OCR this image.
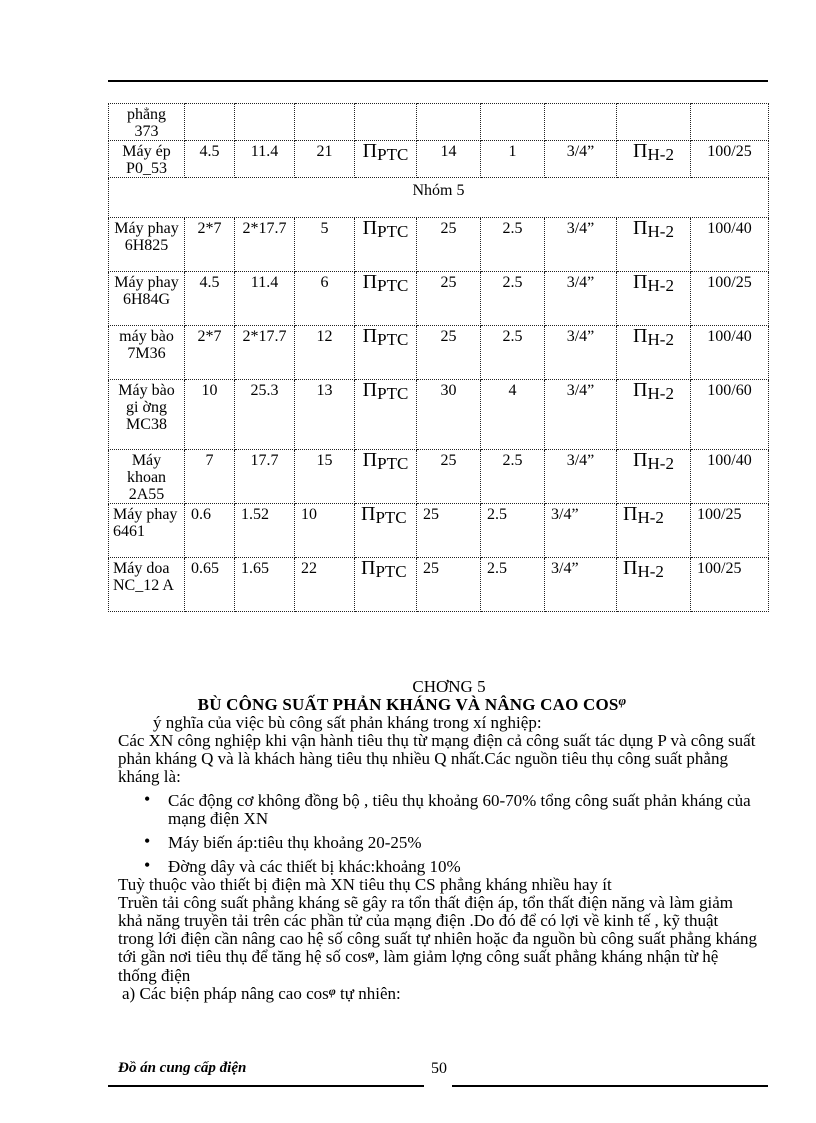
phẳng 373									
Máy ép P0_53	4.5	11.4	21	ПPTC	14	1	3/4”	ПH-2	100/25
Nhóm 5									
Máy phay 6H825	2*7	2*17.7	5	ПPTC	25	2.5	3/4”	ПH-2	100/40
Máy phay 6H84G	4.5	11.4	6	ПPTC	25	2.5	3/4”	ПH-2	100/25
máy bào 7M36	2*7	2*17.7	12	ПPTC	25	2.5	3/4”	ПH-2	100/40
Máy bào gi ờng MC38	10	25.3	13	ПPTC	30	4	3/4”	ПH-2	100/60
Máy khoan 2A55	7	17.7	15	ПPTC	25	2.5	3/4”	ПH-2	100/40
Máy phay 6461	0.6	1.52	10	ПPTC	25	2.5	3/4”	ПH-2	100/25
Máy doa NC_12 A	0.65	1.65	22	ПPTC	25	2.5	3/4”	ПH-2	100/25
CHƠNG 5
BÙ CÔNG SUẤT PHẢN KHÁNG VÀ NÂNG CAO $COS^\varphi$

ý nghĩa của việc bù công sất phản kháng trong xí nghiệp:

Các XN công nghiệp khi vận hành tiêu thụ từ mạng điện cả công suất tác dụng P và công suất phản kháng Q và là khách hàng tiêu thụ nhiều Q nhất.Các nguồn tiêu thụ công suất phẳng kháng là:

• Các động cơ không đồng bộ , tiêu thụ khoảng 60-70% tổng công suất phản kháng của mạng điện XN
• Máy biến áp:tiêu thụ khoảng 20-25%
• Đờng dây và các thiết bị khác:khoảng 10%

Tuỳ thuộc vào thiết bị điện mà XN tiêu thụ CS phẳng kháng nhiều hay ít

Truền tải công suất phẳng kháng sẽ gây ra tổn thất điện áp, tổn thất điện năng và làm giảm khả năng truyền tải trên các phần tử của mạng điện .Do đó để có lợi về kinh tế , kỹ thuật trong lới điện cần nâng cao hệ số công suất tự nhiên hoặc đa nguồn bù công suất phẳng kháng tới gần nơi tiêu thụ để tăng hệ số $\cos^\varphi$, làm giảm lợng công suất phẳng kháng nhận từ hệ thống điện

a) Các biện pháp nâng cao $\cos^\varphi$ tự nhiên:

Đồ án cung cấp điện	50
